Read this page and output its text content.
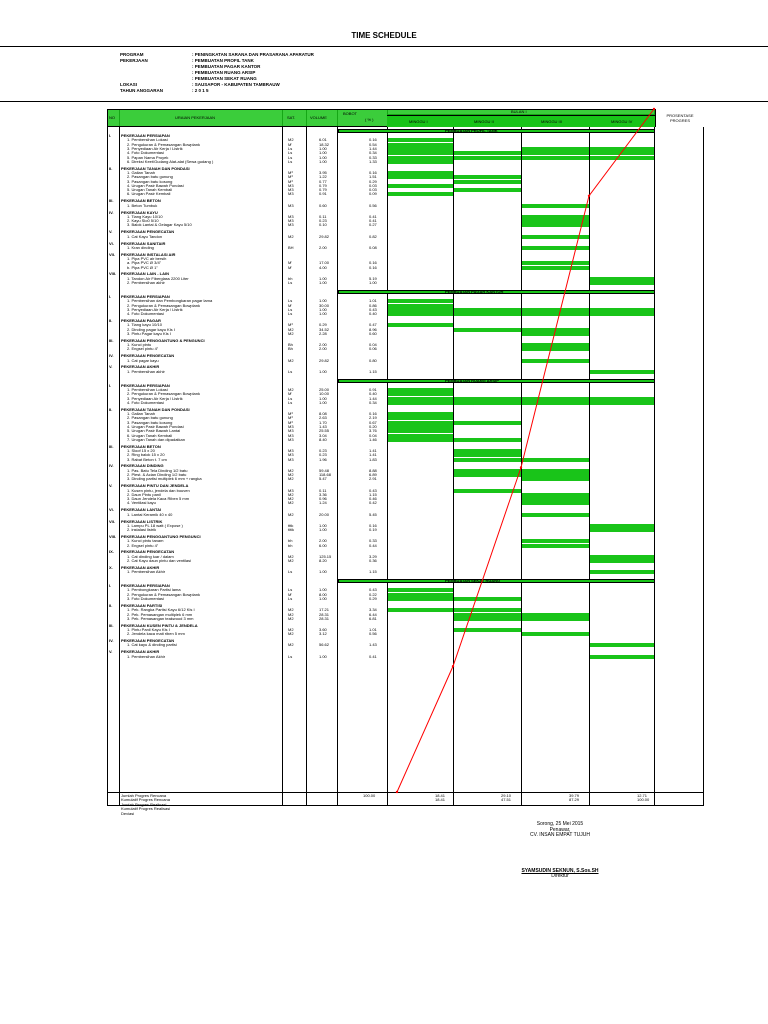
TIME SCHEDULE
PROGRAM	: PENINGKATAN SARANA DAN PRASARANA APARATUR
PEKERJAAN	: PEMBUATAN PROFIL TANK
: PEMBUATAN PAGAR KANTOR
: PEMBUATAN RUANG ARSIP
: PEMBUATAN SEKAT RUANG
LOKASI	: SAUSAPOR - KABUPATEN TAMBRAUW
TAHUN ANGGARAN	: 2 0 1 5
NO	URAIAN PEKERJAAN	SAT.	VOLUME
BOBOT
( % )
BULAN I
MINGGU I	MINGGU II	MINGGU III	MINGGU IV
PROSENTASE PROGRES
PEMBUATAN PROFIL TANK
I. PEKERJAAN PERSIAPAN
1. Pembersihan Lokasi	M2	6.01	0.16
2. Pengukuran & Pemasangan Bowplank	M'	18.32	0.54
3. Penyediaan Air Kerja / Listrik	Ls	1.00	1.44
4. Foto Dokumentasi	Ls	1.00	0.34
5. Papan Nama Proyek	Ls	1.00	0.33
6. Direksi Keet/Gudang Alat-alat (Sewa gudang )	Ls	1.00	1.33
II. PEKERJAAN TANAH DAN PONDASI
1. Galian Tanah	M³	3.95	0.16
2. Pasangan batu gunung	M³	1.22	1.51
3. Pasangan batu kosong	M³	0.77	0.29
4. Urugan Pasir Bawah Pondasi	M3	0.79	0.03
5. Urugan Tanah Kembali	M3	0.79	0.03
6. Urugan Pasir Kembali	M3	0.91	0.09
III. PEKERJAAN BETON
1. Beton Tumbuk	M3	0.60	0.56
IV. PEKERJAAN KAYU
1. Tiang Kayu 10/10	M3	0.11	0.41
2. Kayu Slo0 5/10	M3	0.23	0.41
3. Balok Lantai & Gelagar Kayu 5/10	M3	0.10	0.27
V. PEKERJAAN PENGECATAN
1. Cat Kayu Tandon	M2	29.82	0.82
VI. PEKERJAAN SANITAIR
1. Kran dinding	BH	2.00	0.08
VII. PEKERJAAN INSTALASI AIR
1. Pipa PVC air bersih
a. Pipa PVC Ø 3/4"	M'	17.00	0.16
b. Pipa PVC Ø 1"	M'	4.00	0.16
VIII. PEKERJAAN LAIN - LAIN
1. Tandon Air Fiberglass 2200 Liter	bh	1.00	5.19
2. Pembersihan akhir	Ls	1.00	1.00
PEMBUATAN PAGAR KANTOR
I. PEKERJAAN PERSIAPAN
1. Pembersihan dan Pembongkaran pagar lama	Ls	1.00	1.01
2. Pengukuran & Pemasangan Bowplank	M'	30.00	0.86
3. Penyediaan Air Kerja / Listrik	Ls	1.00	0.43
4. Foto Dokumentasi	Ls	1.00	0.40
II. PEKERJAAN PAGAR
1. Tiang kayu 10/10	M³	0.29	0.47
2. Dinding pagar kayu Kls I	M2	34.52	8.96
3. Pintu Pagar kayu Kls I	M2	2.28	0.60
III. PEKERJAAN PENGGANTUNG & PENGUNCI
1. Kunci pintu	Bh	2.00	0.04
2. Engsel pintu 4"	Bh	2.00	0.06
IV. PEKERJAAN PENGECATAN
1. Cat pagar kayu	M2	29.82	0.80
V. PEKERJAAN AKHIR
1. Pembersihan akhir	Ls	1.00	1.15
PEMBUATAN RUANG ARSIP
I. PEKERJAAN PERSIAPAN
1. Pembersihan Lokasi	M2	25.00	0.91
2. Pengukuran & Pemasangan Bowplank	M'	10.00	0.40
3. Penyediaan Air Kerja / Listrik	Ls	1.00	1.44
4. Foto Dokumentasi	Ls	1.00	0.34
II. PEKERJAAN TANAH DAN PONDASI
1. Galian Tanah	M³	8.08	0.16
2. Pasangan batu gunung	M³	2.63	2.19
3. Pasangan batu kosong	M³	1.70	0.67
4. Urugan Pasir Bawah Pondasi	M3	1.43	0.20
5. Urugan Pasir Bawah Lantai	M3	25.55	3.76
6. Urugan Tanah Kembali	M3	3.04	0.04
7. Urugan Tanah dan dipadatkan	M3	8.40	1.46
III. PEKERJAAN BETON
1. Sloof 15 x 20	M3	0.23	1.41
2. Ring balok 15 x 20	M3	0.23	1.41
3. Rabat Beton t. 7 cm	M3	1.96	1.83
IV. PEKERJAAN DINDING
1. Pas. Batu Tela Dinding 1/2 batu	M2	59.48	8.88
2. Plest. & Acian Dinding 1/2 batu	M2	118.68	6.89
3. Dinding partisi multiplek 6 mm + rangka	M2	5.47	2.91
V. PEKERJAAN PINTU DAN JENDELA
1. Kusen pintu, jendela dan bouven	M3	0.11	0.43
2. Daun Pintu panil	M2	3.36	1.15
3. Daun Jendela Kaca Riben 5 mm	M2	0.96	0.46
4. Ventilasi kayu	M2	1.24	0.42
VI. PEKERJAAN LANTAI
1. Lantai Keramik 40 x 40	M2	20.00	5.45
VII. PEKERJAAN LISTRIK
1. Lampu PL 18 watt ( Expose )	tttk	1.00	0.16
2. instalasi listrik	titik	1.00	0.19
VIII. PEKERJAAN PENGGANTUNG PENGUNCI
1. Kunci pintu tanam	bh	2.00	0.33
2. Engsel pintu 4"	bh	6.00	0.44
IX. PEKERJAAN PENGECATAN
1. Cat dinding luar / dalam	M2	125.15	3.29
2. Cat Kayu daun pintu dan ventilasi	M2	8.20	0.36
X. PEKERJAAN AKHIR
1. Pembersihan Akhir	Ls	1.00	1.15
PEMBUATAN SEKAT RUANG
I. PEKERJAAN PERSIAPAN
1. Pembongkaran Partisi lama	Ls	1.00	0.43
2. Pengukuran & Pemasangan Bowplank	M'	8.00	0.22
3. Foto Dokumentasi	Ls	1.00	0.29
II. PEKERJAAN PARTISI
1. Pek. Rangka Partisi Kayu 6/12 Kls I	M2	17.21	3.34
2. Pek. Pemasangan multiplek 6 mm	M2	28.31	6.44
3. Pek. Pemasangan teakwood 3 mm	M2	28.31	6.81
III. PEKERJAAN KUSEN PINTU & JENDELA
1. Pintu Panil Kayu Kls I	M2	3.60	1.01
2. Jendela kaca mati riben 5 mm	M2	3.12	0.56
IV. PEKERJAAN PENGECATAN
1. Cat kayu & dinding partisi	M2	56.62	1.43
V. PEKERJAAN AKHIR
1. Pembersihan Akhir	Ls	1.00	0.41
Jumlah Progres Rencana	100.00	18.41	29.10	39.79	12.71
Kumulatif Progres Rencana	18.41	47.51	87.29	100.00
Jumlah Progres Realisasi
Kumulatif Progres Realisasi
Deviasi
Sorong, 25 Mei 2015
Penawar,
CV. INSAN EMPAT TUJUH
SYAMSUDIN SEKNUN, S.Sos.SH
Direktur
